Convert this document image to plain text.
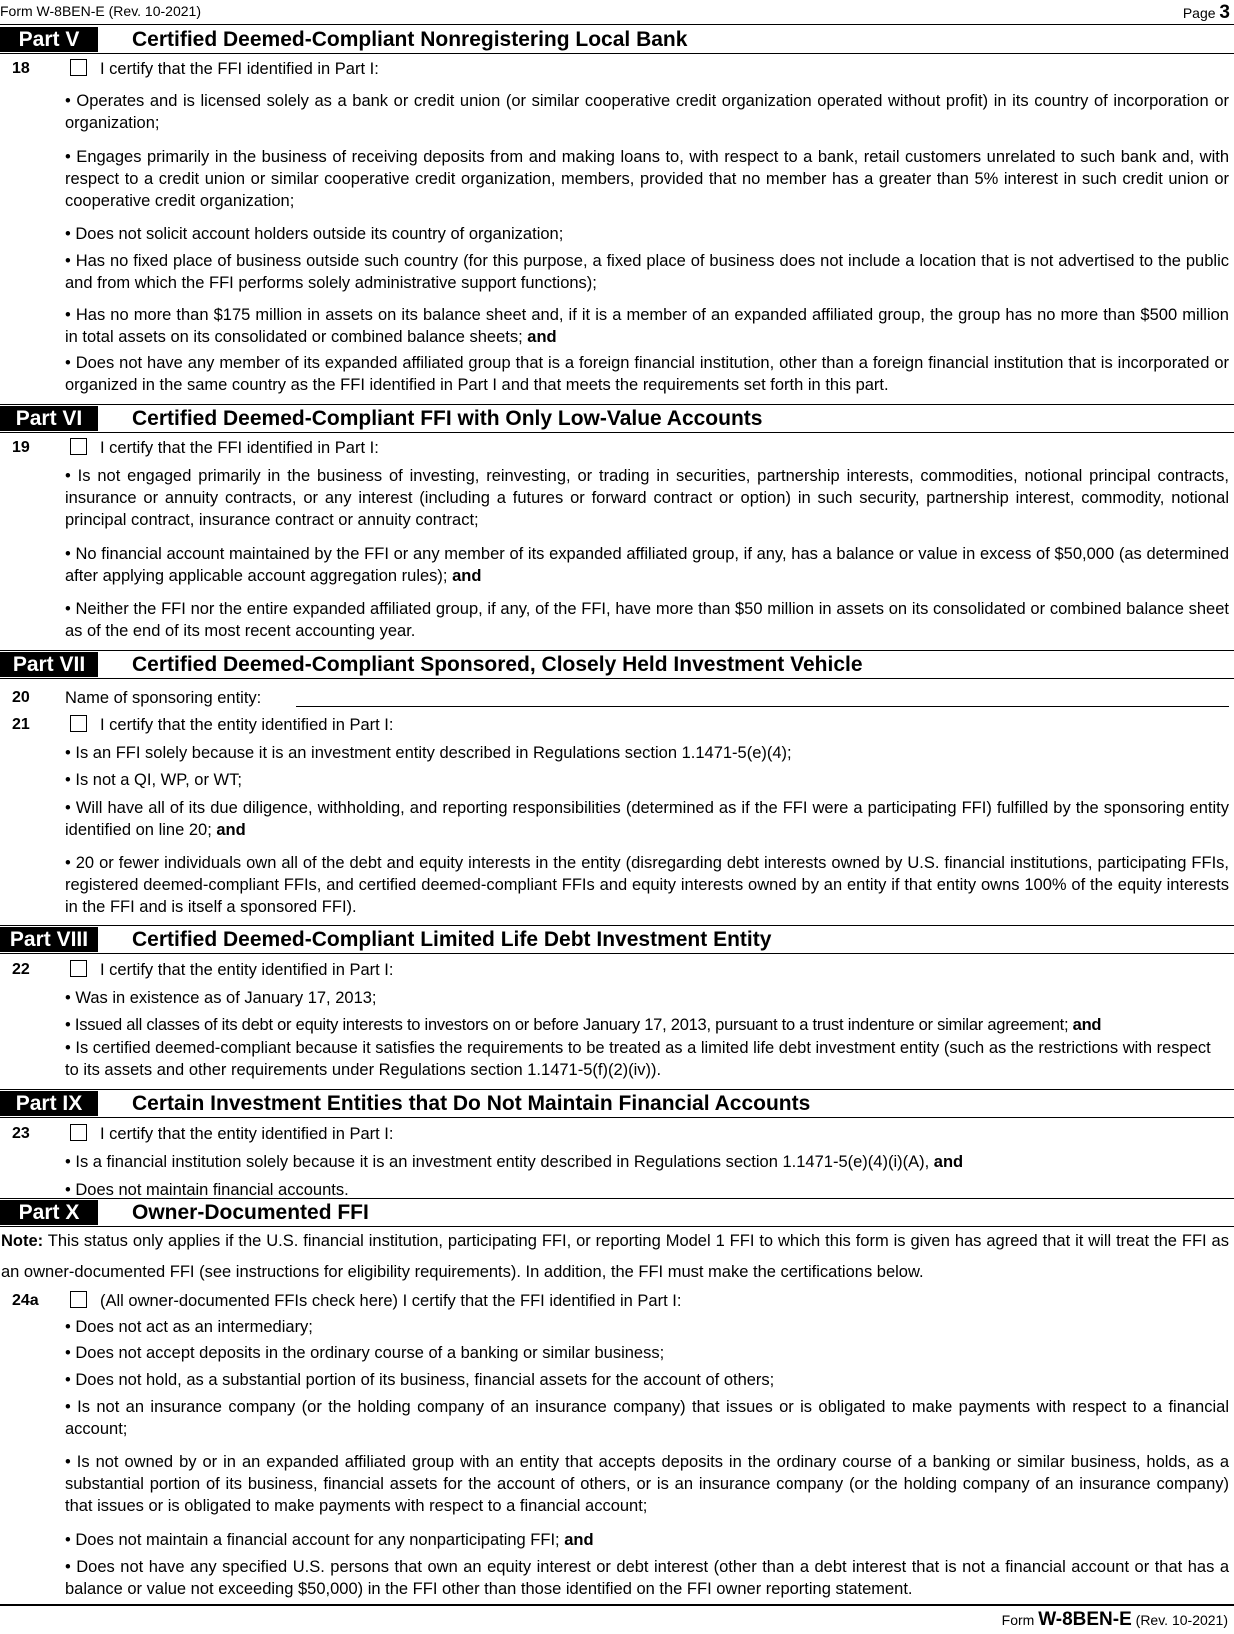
Form W-8BEN-E (Rev. 10-2021)	Page 3
Part V	Certified Deemed-Compliant Nonregistering Local Bank
18	I certify that the FFI identified in Part I:
• Operates and is licensed solely as a bank or credit union (or similar cooperative credit organization operated without profit) in its country of incorporation or organization;
• Engages primarily in the business of receiving deposits from and making loans to, with respect to a bank, retail customers unrelated to such bank and, with respect to a credit union or similar cooperative credit organization, members, provided that no member has a greater than 5% interest in such credit union or cooperative credit organization;
• Does not solicit account holders outside its country of organization;
• Has no fixed place of business outside such country (for this purpose, a fixed place of business does not include a location that is not advertised to the public and from which the FFI performs solely administrative support functions);
• Has no more than $175 million in assets on its balance sheet and, if it is a member of an expanded affiliated group, the group has no more than $500 million in total assets on its consolidated or combined balance sheets; and
• Does not have any member of its expanded affiliated group that is a foreign financial institution, other than a foreign financial institution that is incorporated or organized in the same country as the FFI identified in Part I and that meets the requirements set forth in this part.
Part VI	Certified Deemed-Compliant FFI with Only Low-Value Accounts
19	I certify that the FFI identified in Part I:
• Is not engaged primarily in the business of investing, reinvesting, or trading in securities, partnership interests, commodities, notional principal contracts, insurance or annuity contracts, or any interest (including a futures or forward contract or option) in such security, partnership interest, commodity, notional principal contract, insurance contract or annuity contract;
• No financial account maintained by the FFI or any member of its expanded affiliated group, if any, has a balance or value in excess of $50,000 (as determined after applying applicable account aggregation rules); and
• Neither the FFI nor the entire expanded affiliated group, if any, of the FFI, have more than $50 million in assets on its consolidated or combined balance sheet as of the end of its most recent accounting year.
Part VII	Certified Deemed-Compliant Sponsored, Closely Held Investment Vehicle
20	Name of sponsoring entity:
21	I certify that the entity identified in Part I:
• Is an FFI solely because it is an investment entity described in Regulations section 1.1471-5(e)(4);
• Is not a QI, WP, or WT;
• Will have all of its due diligence, withholding, and reporting responsibilities (determined as if the FFI were a participating FFI) fulfilled by the sponsoring entity identified on line 20; and
• 20 or fewer individuals own all of the debt and equity interests in the entity (disregarding debt interests owned by U.S. financial institutions, participating FFIs, registered deemed-compliant FFIs, and certified deemed-compliant FFIs and equity interests owned by an entity if that entity owns 100% of the equity interests in the FFI and is itself a sponsored FFI).
Part VIII	Certified Deemed-Compliant Limited Life Debt Investment Entity
22	I certify that the entity identified in Part I:
• Was in existence as of January 17, 2013;
• Issued all classes of its debt or equity interests to investors on or before January 17, 2013, pursuant to a trust indenture or similar agreement; and
• Is certified deemed-compliant because it satisfies the requirements to be treated as a limited life debt investment entity (such as the restrictions with respect to its assets and other requirements under Regulations section 1.1471-5(f)(2)(iv)).
Part IX	Certain Investment Entities that Do Not Maintain Financial Accounts
23	I certify that the entity identified in Part I:
• Is a financial institution solely because it is an investment entity described in Regulations section 1.1471-5(e)(4)(i)(A), and
• Does not maintain financial accounts.
Part X	Owner-Documented FFI
Note: This status only applies if the U.S. financial institution, participating FFI, or reporting Model 1 FFI to which this form is given has agreed that it will treat the FFI as an owner-documented FFI (see instructions for eligibility requirements). In addition, the FFI must make the certifications below.
24a	(All owner-documented FFIs check here) I certify that the FFI identified in Part I:
• Does not act as an intermediary;
• Does not accept deposits in the ordinary course of a banking or similar business;
• Does not hold, as a substantial portion of its business, financial assets for the account of others;
• Is not an insurance company (or the holding company of an insurance company) that issues or is obligated to make payments with respect to a financial account;
• Is not owned by or in an expanded affiliated group with an entity that accepts deposits in the ordinary course of a banking or similar business, holds, as a substantial portion of its business, financial assets for the account of others, or is an insurance company (or the holding company of an insurance company) that issues or is obligated to make payments with respect to a financial account;
• Does not maintain a financial account for any nonparticipating FFI; and
• Does not have any specified U.S. persons that own an equity interest or debt interest (other than a debt interest that is not a financial account or that has a balance or value not exceeding $50,000) in the FFI other than those identified on the FFI owner reporting statement.
Form W-8BEN-E (Rev. 10-2021)
